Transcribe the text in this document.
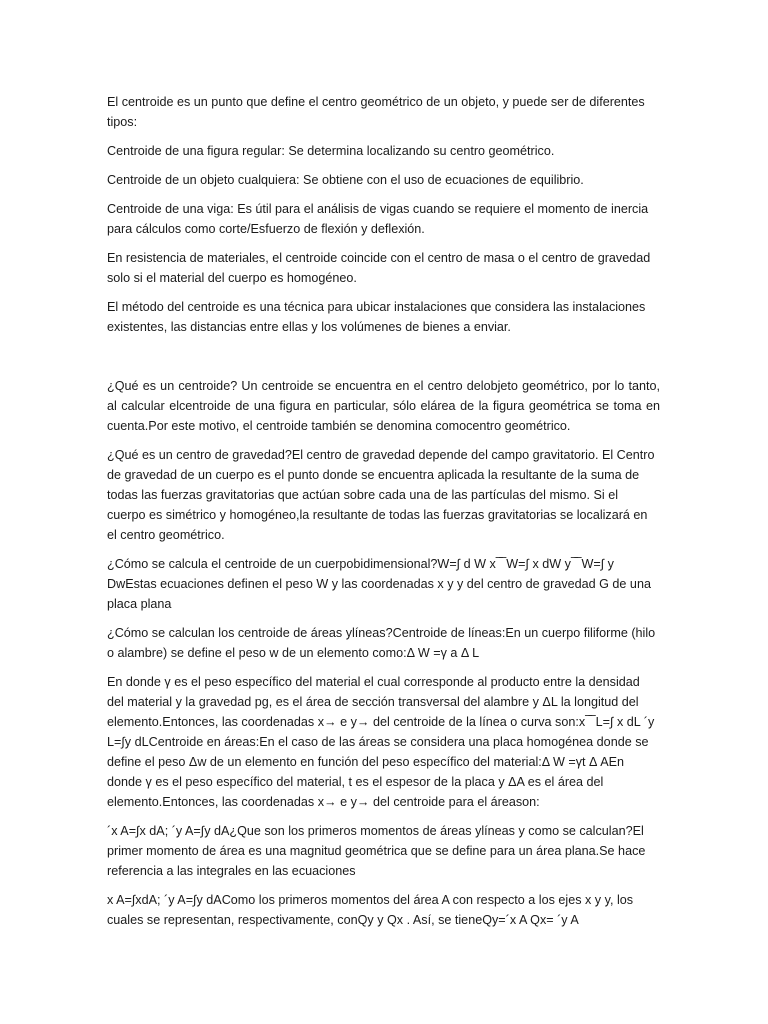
El centroide es un punto que define el centro geométrico de un objeto, y puede ser de diferentes tipos:

Centroide de una figura regular: Se determina localizando su centro geométrico.

Centroide de un objeto cualquiera: Se obtiene con el uso de ecuaciones de equilibrio.

Centroide de una viga: Es útil para el análisis de vigas cuando se requiere el momento de inercia para cálculos como corte/Esfuerzo de flexión y deflexión.

En resistencia de materiales, el centroide coincide con el centro de masa o el centro de gravedad solo si el material del cuerpo es homogéneo.

El método del centroide es una técnica para ubicar instalaciones que considera las instalaciones existentes, las distancias entre ellas y los volúmenes de bienes a enviar.

¿Qué es un centroide? Un centroide se encuentra en el centro delobjeto geométrico, por lo tanto, al calcular elcentroide de una figura en particular, sólo eláreа de la figura geométrica se toma en cuenta.Por este motivo, el centroide también se denomina comocentro geométrico.

¿Qué es un centro de gravedad?El centro de gravedad depende del campo gravitatorio. El Centro de gravedad de un cuerpo es el punto donde se encuentra aplicada la resultante de la suma de todas las fuerzas gravitatorias que actúan sobre cada una de las partículas del mismo. Si el cuerpo es simétrico y homogéneo,la resultante de todas las fuerzas gravitatorias se localizará en el centro geométrico.

¿Cómo se calcula el centroide de un cuerpobidimensional?W=∫ d W x ̅ ̅ W=∫ x dW y ̅ ̅ W=∫ y DwEstas ecuaciones definen el peso W y las coordenadas x y y del centro de gravedad G de una placa plana

¿Cómo se calculan los centroide de áreas ylíneas?Centroide de líneas:En un cuerpo filiforme (hilo o alambre) se define el peso w de un elemento como:Δ W =γ a Δ L

En donde γ es el peso específico del material el cual corresponde al producto entre la densidad del material y la gravedad pg, es el área de sección transversal del alambre y ΔL la longitud del elemento.Entonces, las coordenadas x→ e y→ del centroide de la línea o curva son:x ̅ ̅ L=∫ x dL ´y L=∫y dLCentroide en áreas:En el caso de las áreas se considera una placa homogénea donde se define el peso Δw de un elemento en función del peso específico del material:Δ W =γt Δ AEn donde γ es el peso específico del material, t es el espesor de la placa y ΔA es el área del elemento.Entonces, las coordenadas x→ e y→ del centroide para el áreason:

´x A=∫x dA; ´y A=∫y dA¿Que son los primeros momentos de áreas ylíneas y como se calculan?El primer momento de área es una magnitud geométrica que se define para un área plana.Se hace referencia a las integrales en las ecuaciones

x A=∫xdA; ´y A=∫y dAComo los primeros momentos del área A con respecto a los ejes x y y, los cuales se representan, respectivamente, conQy y Qx . Así, se tieneQy=´x A Qx= ´y A
